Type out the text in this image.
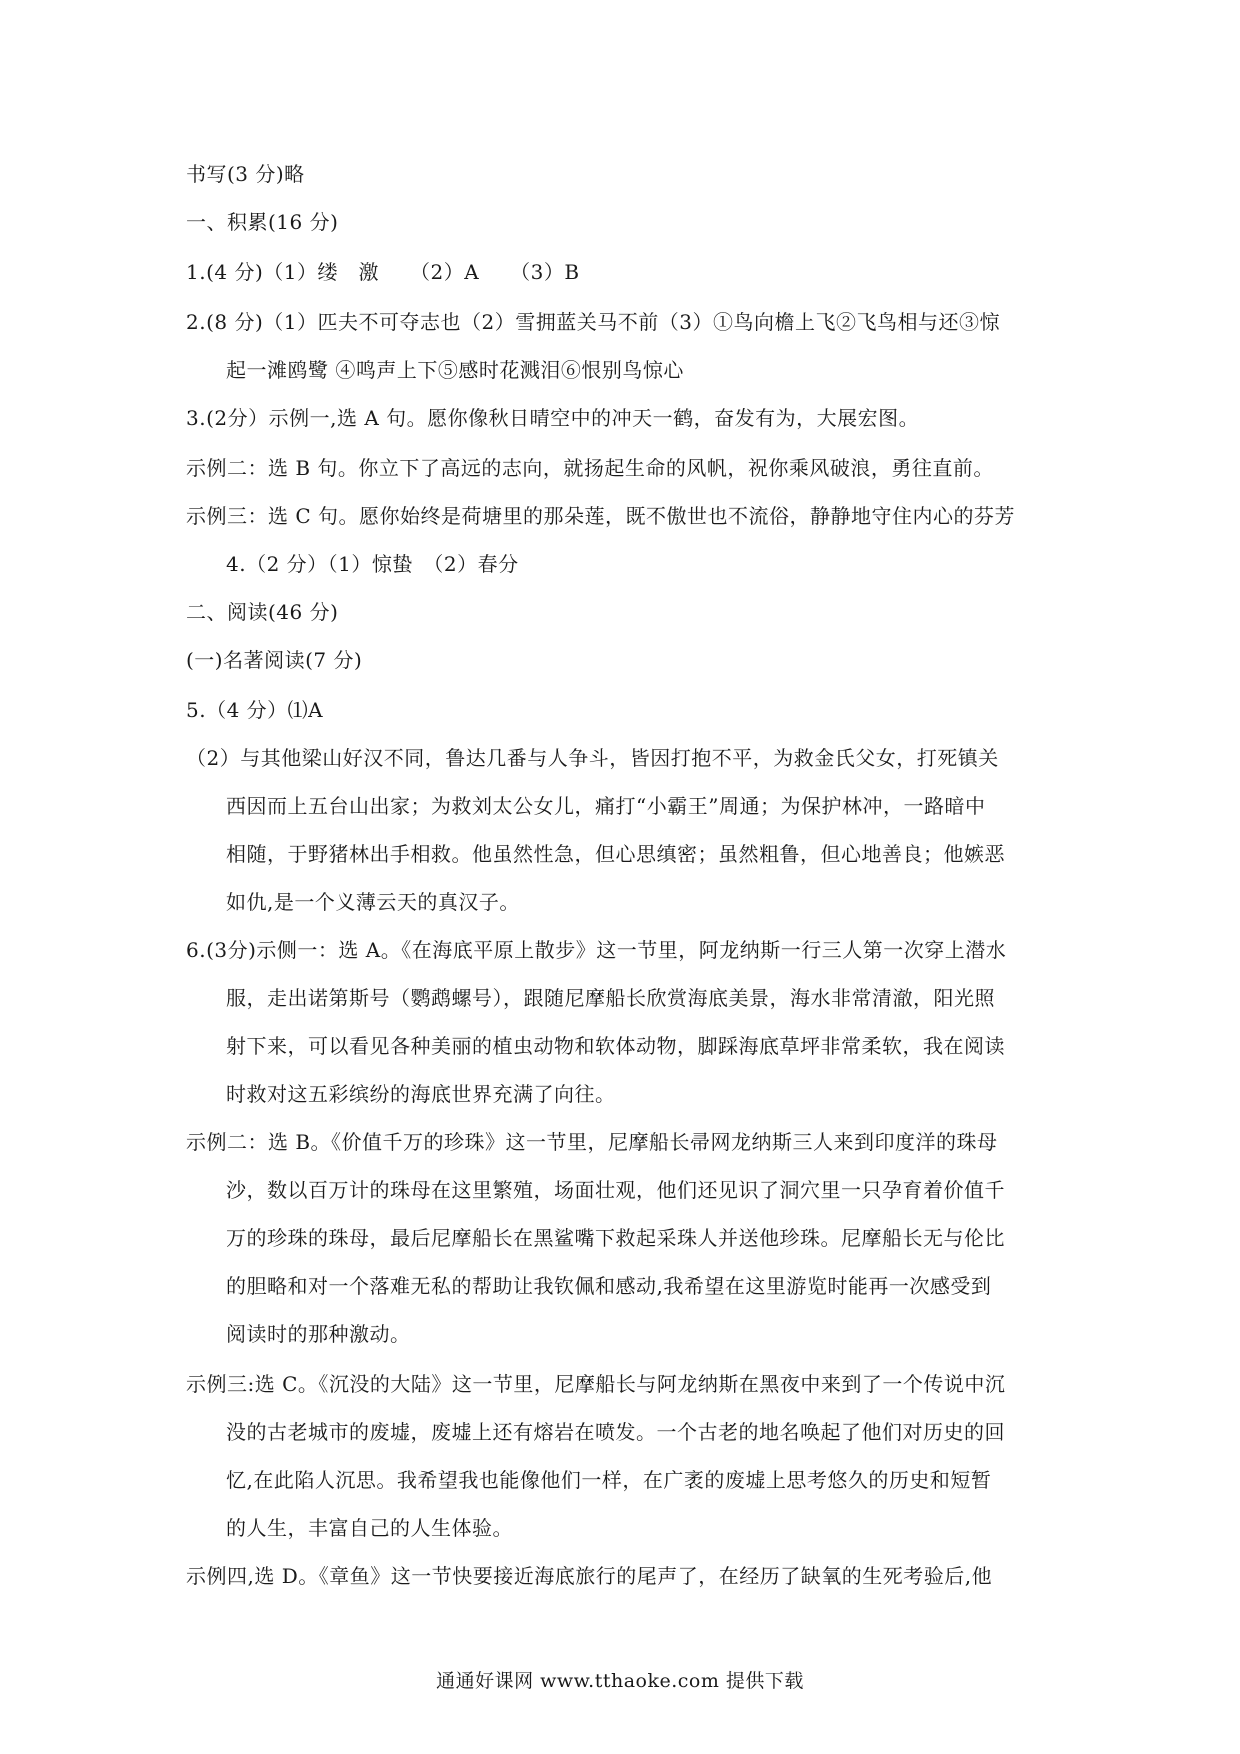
书写(3 分)略
一、积累(16 分)
1.(4 分)（1）缕　激　　（2）A　　（3）B
2.(8 分)（1）匹夫不可夺志也（2）雪拥蓝关马不前（3）①鸟向檐上飞②飞鸟相与还③惊
起一滩鸥鹭 ④鸣声上下⑤感时花溅泪⑥恨别鸟惊心
3.(2分）示例一,选 A 句。愿你像秋日晴空中的冲天一鹤，奋发有为，大展宏图。
示例二：选 B 句。你立下了高远的志向，就扬起生命的风帆，祝你乘风破浪，勇往直前。
示例三：选 C 句。愿你始终是荷塘里的那朵莲，既不傲世也不流俗，静静地守住内心的芬芳
4.（2 分）（1）惊蛰　（2）春分
二、阅读(46 分)
(一)名著阅读(7 分)
5.（4 分）⑴A
（2）与其他梁山好汉不同，鲁达几番与人争斗，皆因打抱不平，为救金氏父女，打死镇关
西因而上五台山出家；为救刘太公女儿，痛打“小霸王”周通；为保护林冲，一路暗中
相随，于野猪林出手相救。他虽然性急，但心思缜密；虽然粗鲁，但心地善良；他嫉恶
如仇,是一个义薄云天的真汉子。
6.(3分)示侧一：选 A。《在海底平原上散步》这一节里，阿龙纳斯一行三人第一次穿上潜水
服，走出诺第斯号（鹦鹉螺号），跟随尼摩船长欣赏海底美景，海水非常清澈，阳光照
射下来，可以看见各种美丽的植虫动物和软体动物，脚踩海底草坪非常柔软，我在阅读
时救对这五彩缤纷的海底世界充满了向往。
示例二：选 B。《价值千万的珍珠》这一节里，尼摩船长帚网龙纳斯三人来到印度洋的珠母
沙，数以百万计的珠母在这里繁殖，场面壮观，他们还见识了洞穴里一只孕育着价值千
万的珍珠的珠母，最后尼摩船长在黑鲨嘴下救起采珠人并送他珍珠。尼摩船长无与伦比
的胆略和对一个落难无私的帮助让我钦佩和感动,我希望在这里游览时能再一次感受到
阅读时的那种激动。
示例三:选 C。《沉没的大陆》这一节里，尼摩船长与阿龙纳斯在黑夜中来到了一个传说中沉
没的古老城市的废墟，废墟上还有熔岩在喷发。一个古老的地名唤起了他们对历史的回
忆,在此陷人沉思。我希望我也能像他们一样，在广袤的废墟上思考悠久的历史和短暂
的人生，丰富自己的人生体验。
示例四,选 D。《章鱼》这一节快要接近海底旅行的尾声了，在经历了缺氧的生死考验后,他
通通好课网 www.tthaoke.com 提供下载
